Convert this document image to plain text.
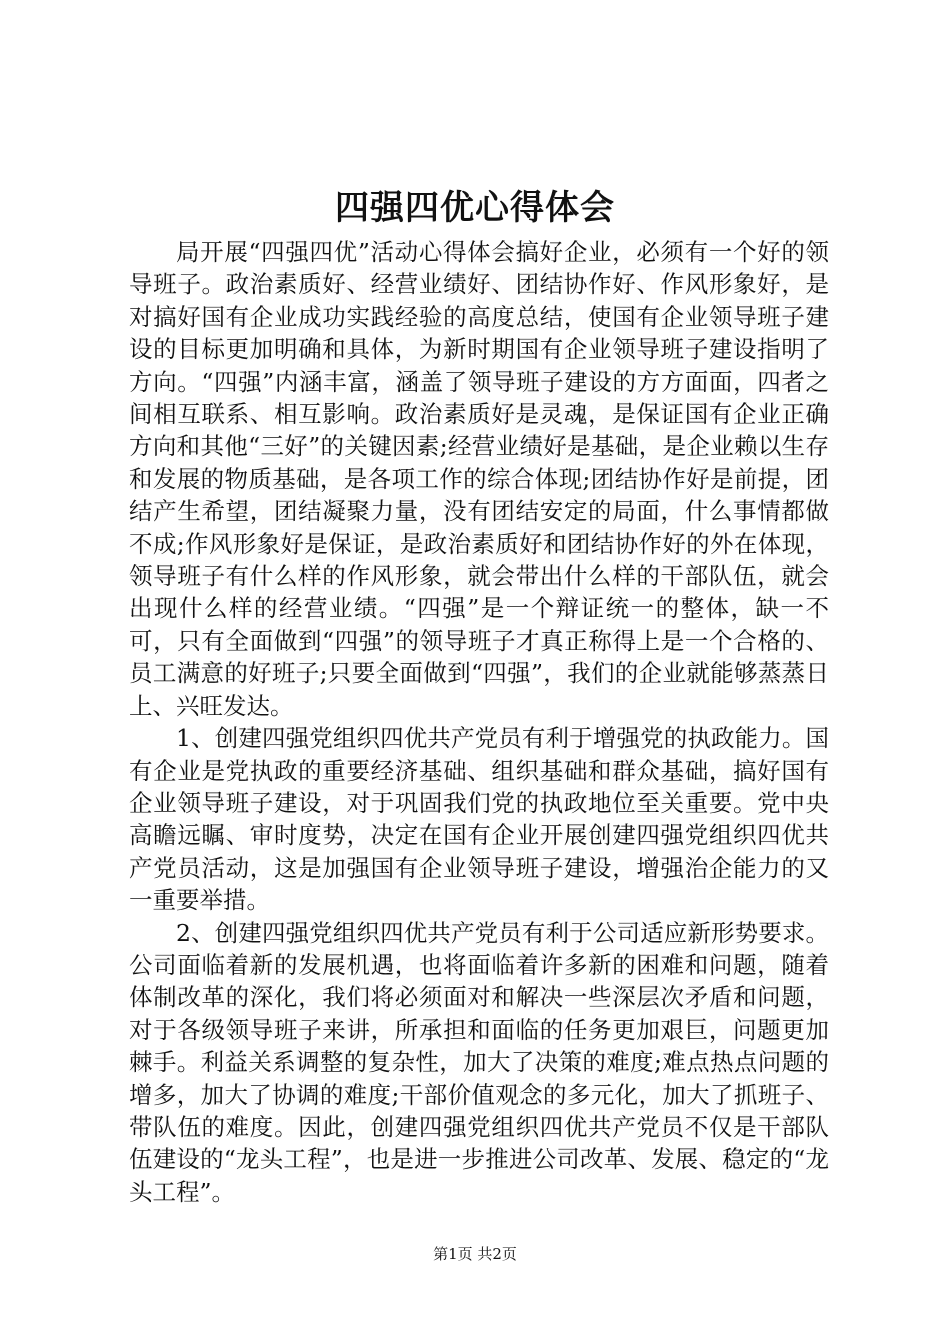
四强四优心得体会

局开展“四强四优”活动心得体会搞好企业，必须有一个好的领导班子。政治素质好、经营业绩好、团结协作好、作风形象好，是对搞好国有企业成功实践经验的高度总结，使国有企业领导班子建设的目标更加明确和具体，为新时期国有企业领导班子建设指明了方向。“四强”内涵丰富，涵盖了领导班子建设的方方面面，四者之间相互联系、相互影响。政治素质好是灵魂，是保证国有企业正确方向和其他“三好”的关键因素;经营业绩好是基础，是企业赖以生存和发展的物质基础，是各项工作的综合体现;团结协作好是前提，团结产生希望，团结凝聚力量，没有团结安定的局面，什么事情都做不成;作风形象好是保证，是政治素质好和团结协作好的外在体现，领导班子有什么样的作风形象，就会带出什么样的干部队伍，就会出现什么样的经营业绩。“四强”是一个辩证统一的整体，缺一不可，只有全面做到“四强”的领导班子才真正称得上是一个合格的、员工满意的好班子;只要全面做到“四强”，我们的企业就能够蒸蒸日上、兴旺发达。

1、创建四强党组织四优共产党员有利于增强党的执政能力。国有企业是党执政的重要经济基础、组织基础和群众基础，搞好国有企业领导班子建设，对于巩固我们党的执政地位至关重要。党中央高瞻远瞩、审时度势，决定在国有企业开展创建四强党组织四优共产党员活动，这是加强国有企业领导班子建设，增强治企能力的又一重要举措。

2、创建四强党组织四优共产党员有利于公司适应新形势要求。公司面临着新的发展机遇，也将面临着许多新的困难和问题，随着体制改革的深化，我们将必须面对和解决一些深层次矛盾和问题，对于各级领导班子来讲，所承担和面临的任务更加艰巨，问题更加棘手。利益关系调整的复杂性，加大了决策的难度;难点热点问题的增多，加大了协调的难度;干部价值观念的多元化，加大了抓班子、带队伍的难度。因此，创建四强党组织四优共产党员不仅是干部队伍建设的“龙头工程”，也是进一步推进公司改革、发展、稳定的“龙头工程”。

第1页 共2页
